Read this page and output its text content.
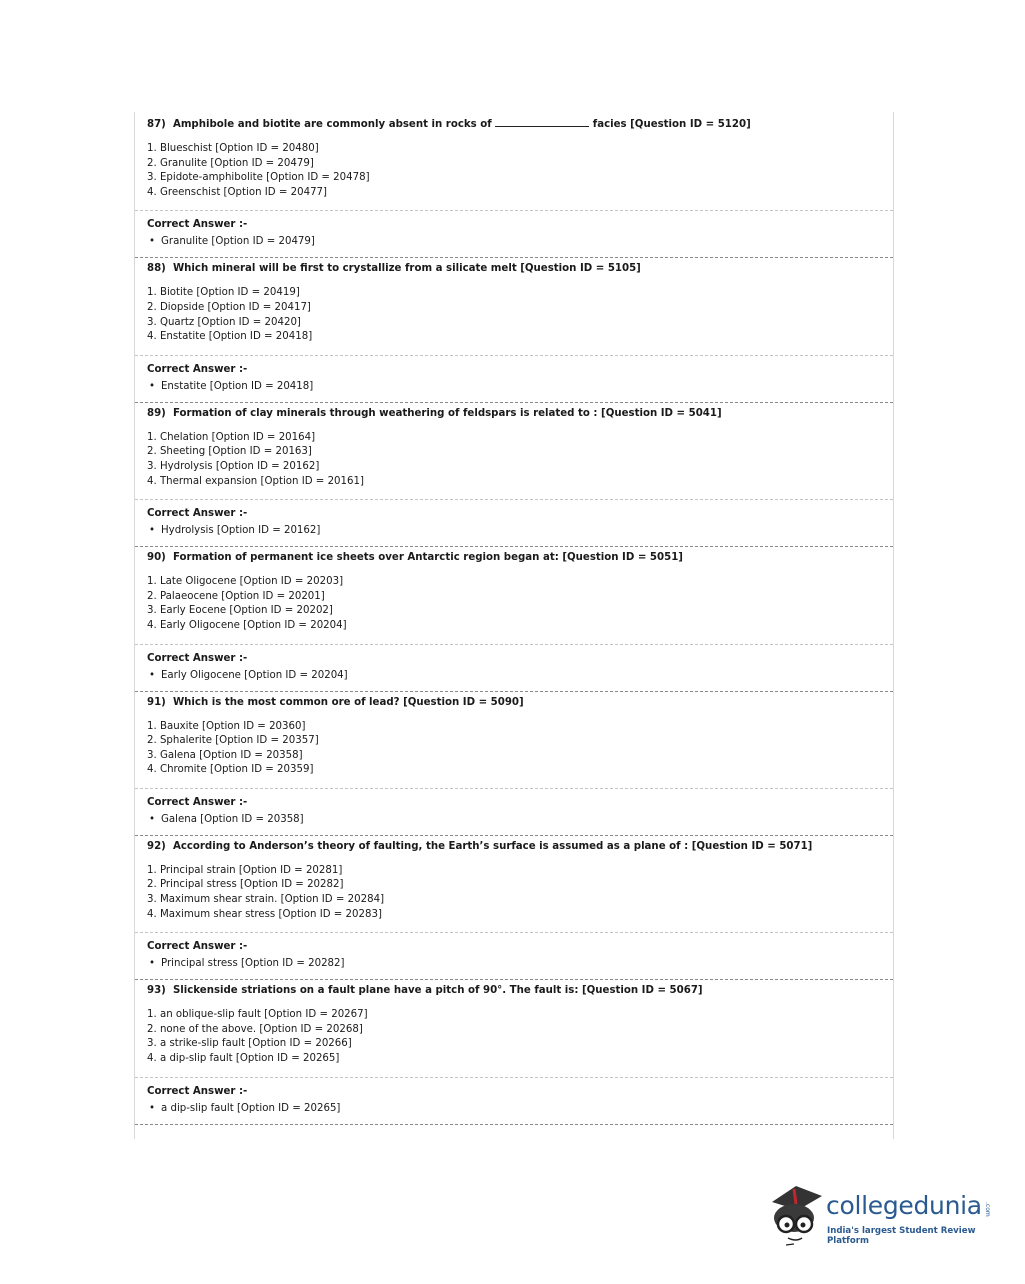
87) Amphibole and biotite are commonly absent in rocks of	facies [Question ID = 5120]
1. Blueschist [Option ID = 20480]
2. Granulite [Option ID = 20479]
3. Epidote-amphibolite [Option ID = 20478]
4. Greenschist [Option ID = 20477]
Correct Answer :-
• Granulite [Option ID = 20479]
88) Which mineral will be first to crystallize from a silicate melt [Question ID = 5105]
1. Biotite [Option ID = 20419]
2. Diopside [Option ID = 20417]
3. Quartz [Option ID = 20420]
4. Enstatite [Option ID = 20418]
Correct Answer :-
• Enstatite [Option ID = 20418]
89) Formation of clay minerals through weathering of feldspars is related to : [Question ID = 5041]
1. Chelation [Option ID = 20164]
2. Sheeting [Option ID = 20163]
3. Hydrolysis [Option ID = 20162]
4. Thermal expansion [Option ID = 20161]
Correct Answer :-
• Hydrolysis [Option ID = 20162]
90) Formation of permanent ice sheets over Antarctic region began at: [Question ID = 5051]
1. Late Oligocene [Option ID = 20203]
2. Palaeocene [Option ID = 20201]
3. Early Eocene [Option ID = 20202]
4. Early Oligocene [Option ID = 20204]
Correct Answer :-
• Early Oligocene [Option ID = 20204]
91) Which is the most common ore of lead? [Question ID = 5090]
1. Bauxite [Option ID = 20360]
2. Sphalerite [Option ID = 20357]
3. Galena [Option ID = 20358]
4. Chromite [Option ID = 20359]
Correct Answer :-
• Galena [Option ID = 20358]
92) According to Anderson’s theory of faulting, the Earth’s surface is assumed as a plane of : [Question ID = 5071]
1. Principal strain [Option ID = 20281]
2. Principal stress [Option ID = 20282]
3. Maximum shear strain. [Option ID = 20284]
4. Maximum shear stress [Option ID = 20283]
Correct Answer :-
• Principal stress [Option ID = 20282]
93) Slickenside striations on a fault plane have a pitch of 90°. The fault is: [Question ID = 5067]
1. an oblique-slip fault [Option ID = 20267]
2. none of the above. [Option ID = 20268]
3. a strike-slip fault [Option ID = 20266]
4. a dip-slip fault [Option ID = 20265]
Correct Answer :-
• a dip-slip fault [Option ID = 20265]
collegedunia .com
India's largest Student Review Platform
